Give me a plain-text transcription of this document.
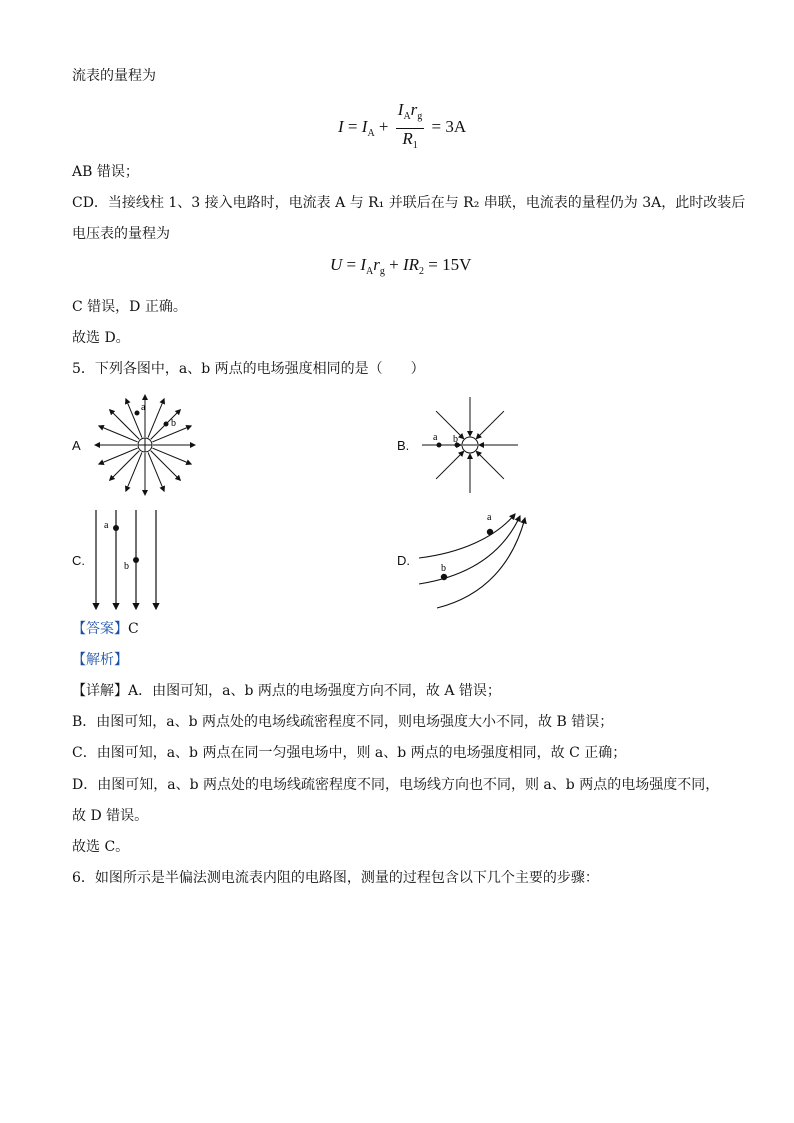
流表的量程为
$I = I_A + \frac{I_Ar_g}{R_1} = 3A$
AB 错误；
CD．当接线柱 1、3 接入电路时，电流表 A 与 R₁ 并联后在与 R₂ 串联，电流表的量程仍为 3A，此时改装后
电压表的量程为
$U = I_Ar_g + IR_2 = 15V$
C 错误，D 正确。
故选 D。
5．下列各图中，a、b 两点的电场强度相同的是（　　）
A
a
b
B.
a b
C.
a
b	D.
a
b
【答案】C
【解析】
【详解】A．由图可知，a、b 两点的电场强度方向不同，故 A 错误；
B．由图可知，a、b 两点处的电场线疏密程度不同，则电场强度大小不同，故 B 错误；
C．由图可知，a、b 两点在同一匀强电场中，则 a、b 两点的电场强度相同，故 C 正确；
D．由图可知，a、b 两点处的电场线疏密程度不同，电场线方向也不同，则 a、b 两点的电场强度不同，
故 D 错误。
故选 C。
6．如图所示是半偏法测电流表内阻的电路图，测量的过程包含以下几个主要的步骤：
